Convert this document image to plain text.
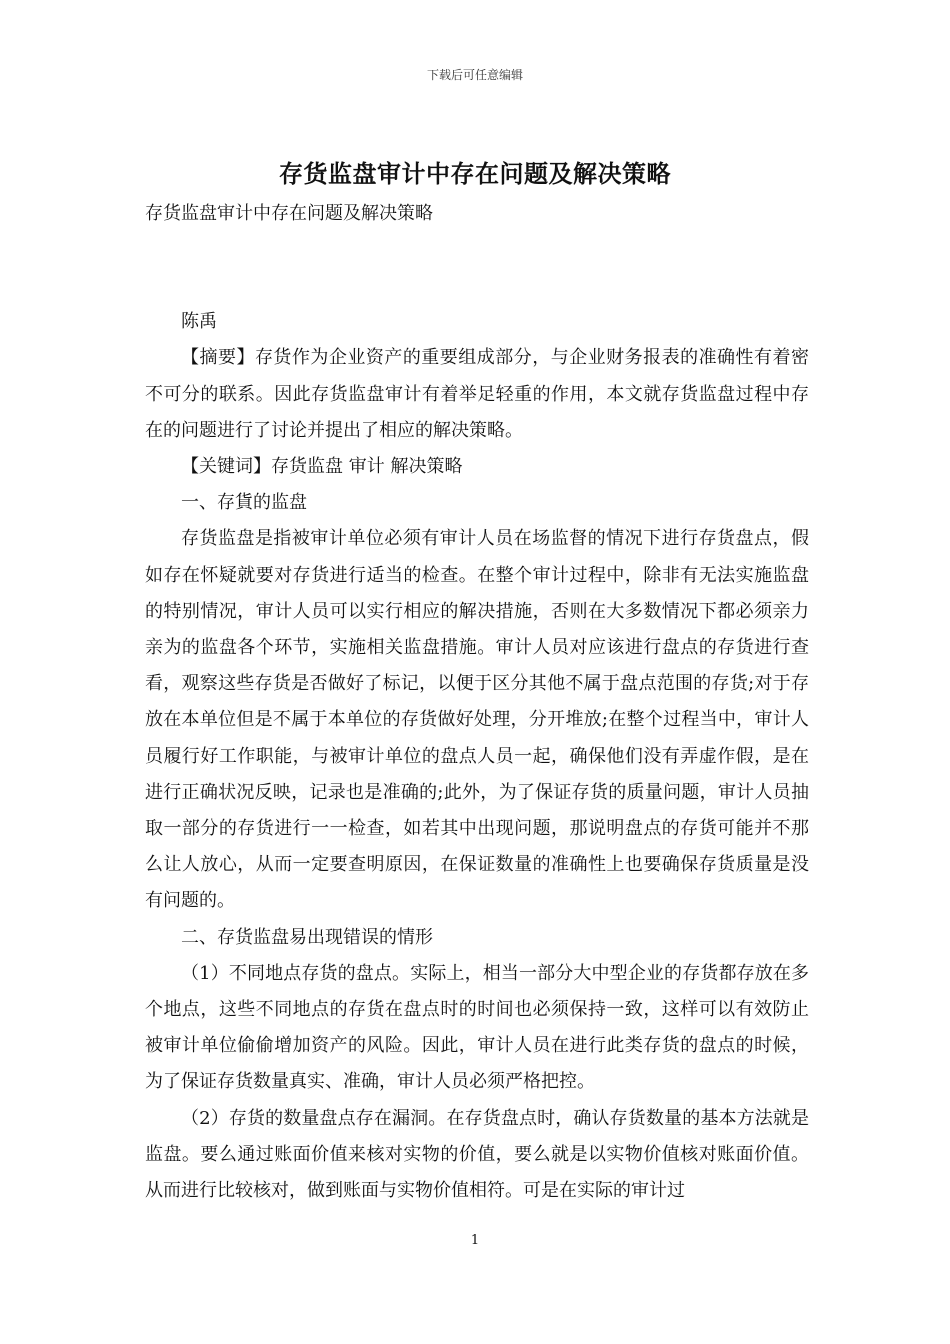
下载后可任意编辑
存货监盘审计中存在问题及解决策略

存货监盘审计中存在问题及解决策略

陈禹

【摘要】存货作为企业资产的重要组成部分，与企业财务报表的准确性有着密不可分的联系。因此存货监盘审计有着举足轻重的作用，本文就存货监盘过程中存在的问题进行了讨论并提出了相应的解决策略。

【关键词】存货监盘 审计 解决策略

一、存貨的监盘

存货监盘是指被审计单位必须有审计人员在场监督的情况下进行存货盘点，假如存在怀疑就要对存货进行适当的检查。在整个审计过程中，除非有无法实施监盘的特别情况，审计人员可以实行相应的解决措施，否则在大多数情况下都必须亲力亲为的监盘各个环节，实施相关监盘措施。审计人员对应该进行盘点的存货进行查看，观察这些存货是否做好了标记，以便于区分其他不属于盘点范围的存货;对于存放在本单位但是不属于本单位的存货做好处理，分开堆放;在整个过程当中，审计人员履行好工作职能，与被审计单位的盘点人员一起，确保他们没有弄虚作假，是在进行正确状况反映，记录也是准确的;此外，为了保证存货的质量问题，审计人员抽取一部分的存货进行一一检查，如若其中出现问题，那说明盘点的存货可能并不那么让人放心，从而一定要查明原因，在保证数量的准确性上也要确保存货质量是没有问题的。

二、存货监盘易出现错误的情形

（1）不同地点存货的盘点。实际上，相当一部分大中型企业的存货都存放在多个地点，这些不同地点的存货在盘点时的时间也必须保持一致，这样可以有效防止被审计单位偷偷增加资产的风险。因此，审计人员在进行此类存货的盘点的时候，为了保证存货数量真实、准确，审计人员必须严格把控。

（2）存货的数量盘点存在漏洞。在存货盘点时，确认存货数量的基本方法就是监盘。要么通过账面价值来核对实物的价值，要么就是以实物价值核对账面价值。从而进行比较核对，做到账面与实物价值相符。可是在实际的审计过

1
